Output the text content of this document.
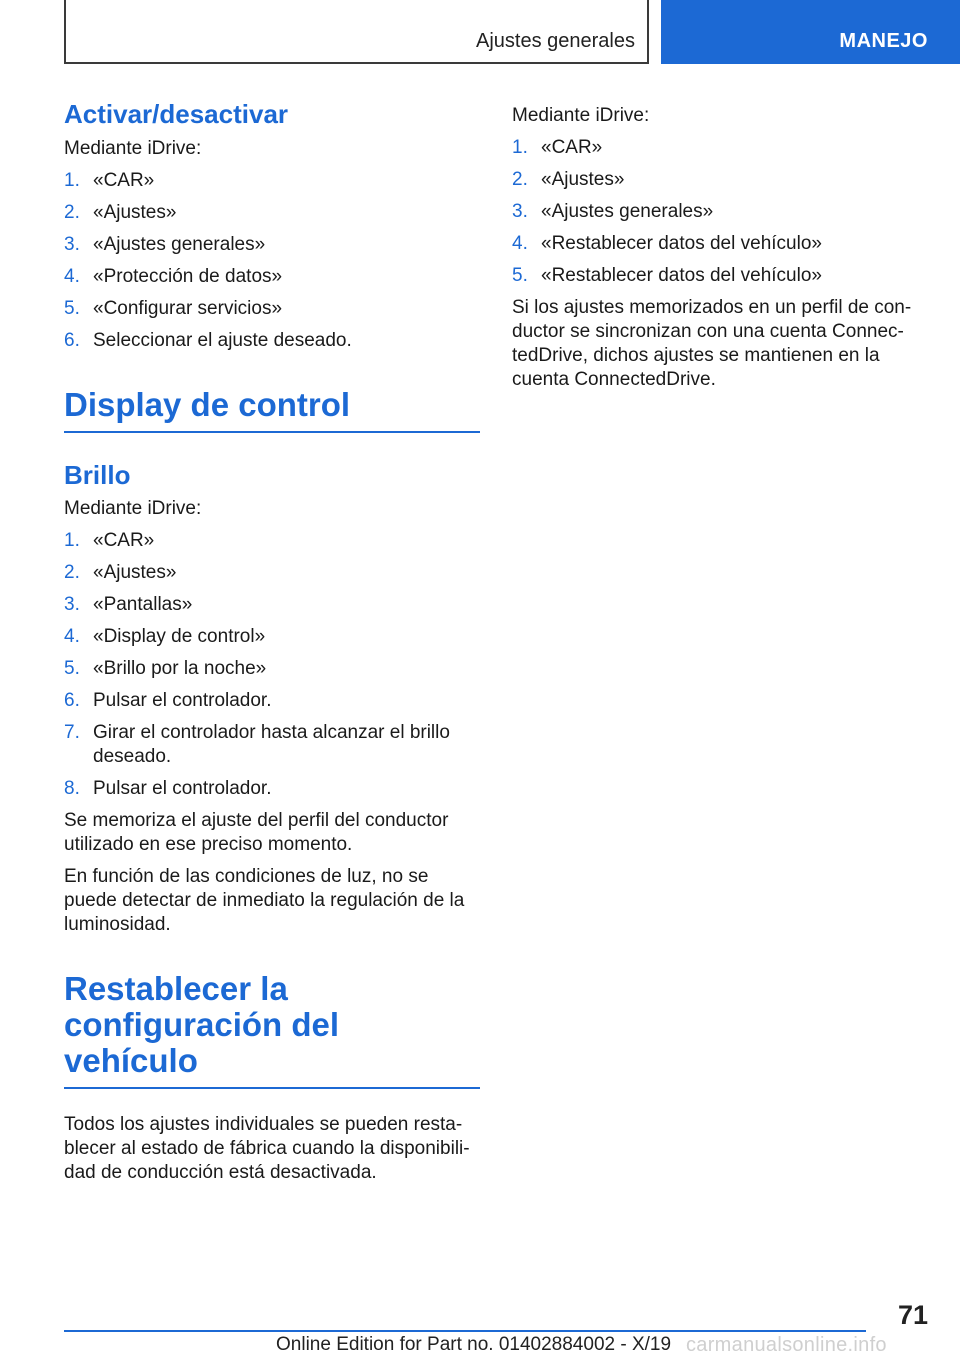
Ajustes generales	MANEJO
Activar/desactivar

Mediante iDrive:

1. «CAR»
2. «Ajustes»
3. «Ajustes generales»
4. «Protección de datos»
5. «Configurar servicios»
6. Seleccionar el ajuste deseado.
Display de control
Brillo

Mediante iDrive:

1. «CAR»
2. «Ajustes»
3. «Pantallas»
4. «Display de control»
5. «Brillo por la noche»
6. Pulsar el controlador.
7. Girar el controlador hasta alcanzar el brillo deseado.
8. Pulsar el controlador.

Se memoriza el ajuste del perfil del conductor utilizado en ese preciso momento.

En función de las condiciones de luz, no se puede detectar de inmediato la regulación de la luminosidad.

Restablecer la configuración del vehículo

Todos los ajustes individuales se pueden restablecer al estado de fábrica cuando la disponibilidad de conducción está desactivada.

Mediante iDrive:

1. «CAR»
2. «Ajustes»
3. «Ajustes generales»
4. «Restablecer datos del vehículo»
5. «Restablecer datos del vehículo»

Si los ajustes memorizados en un perfil de conductor se sincronizan con una cuenta ConnectedDrive, dichos ajustes se mantienen en la cuenta ConnectedDrive.

71
Online Edition for Part no. 01402884002 - X/19 carmanualsonline.info
